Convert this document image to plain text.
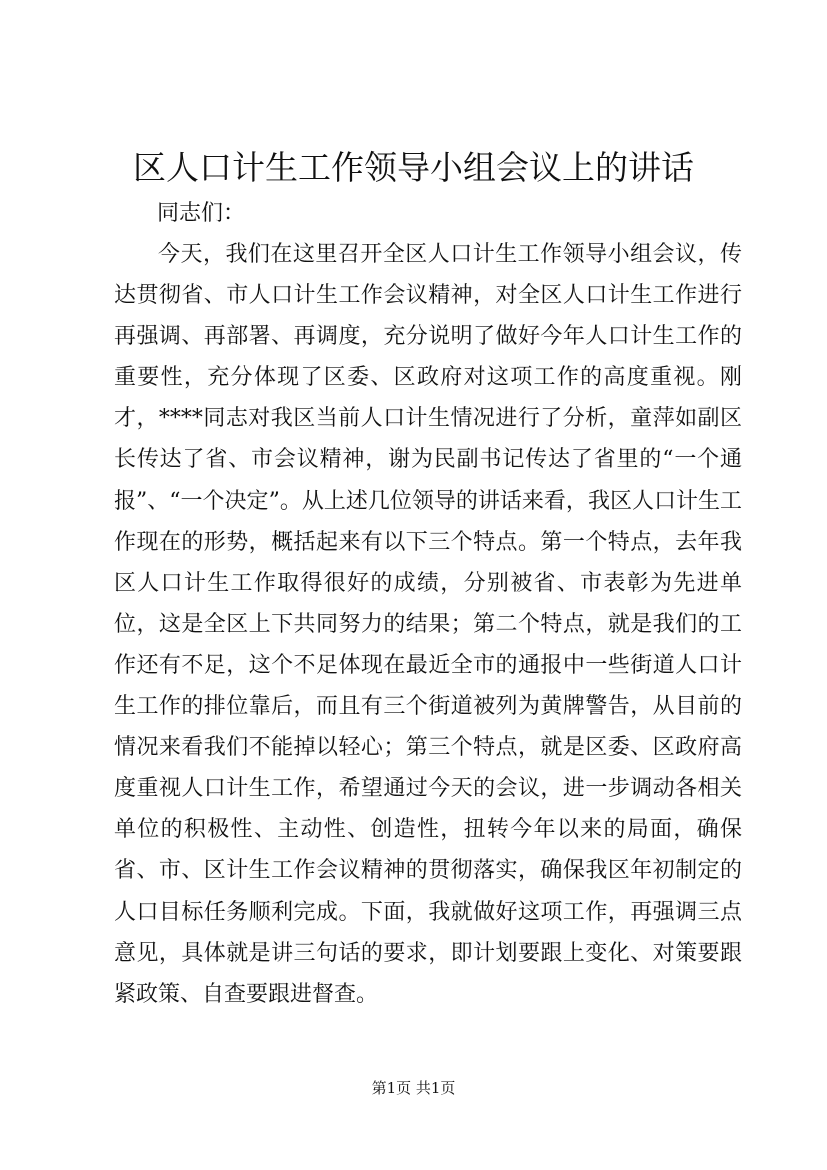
区人口计生工作领导小组会议上的讲话

同志们：

今天，我们在这里召开全区人口计生工作领导小组会议，传达贯彻省、市人口计生工作会议精神，对全区人口计生工作进行再强调、再部署、再调度，充分说明了做好今年人口计生工作的重要性，充分体现了区委、区政府对这项工作的高度重视。刚才，****同志对我区当前人口计生情况进行了分析，童萍如副区长传达了省、市会议精神，谢为民副书记传达了省里的“一个通报”、“一个决定”。从上述几位领导的讲话来看，我区人口计生工作现在的形势，概括起来有以下三个特点。第一个特点，去年我区人口计生工作取得很好的成绩，分别被省、市表彰为先进单位，这是全区上下共同努力的结果；第二个特点，就是我们的工作还有不足，这个不足体现在最近全市的通报中一些街道人口计生工作的排位靠后，而且有三个街道被列为黄牌警告，从目前的情况来看我们不能掉以轻心；第三个特点，就是区委、区政府高度重视人口计生工作，希望通过今天的会议，进一步调动各相关单位的积极性、主动性、创造性，扭转今年以来的局面，确保省、市、区计生工作会议精神的贯彻落实，确保我区年初制定的人口目标任务顺利完成。下面，我就做好这项工作，再强调三点意见，具体就是讲三句话的要求，即计划要跟上变化、对策要跟紧政策、自查要跟进督查。

第1页 共1页
